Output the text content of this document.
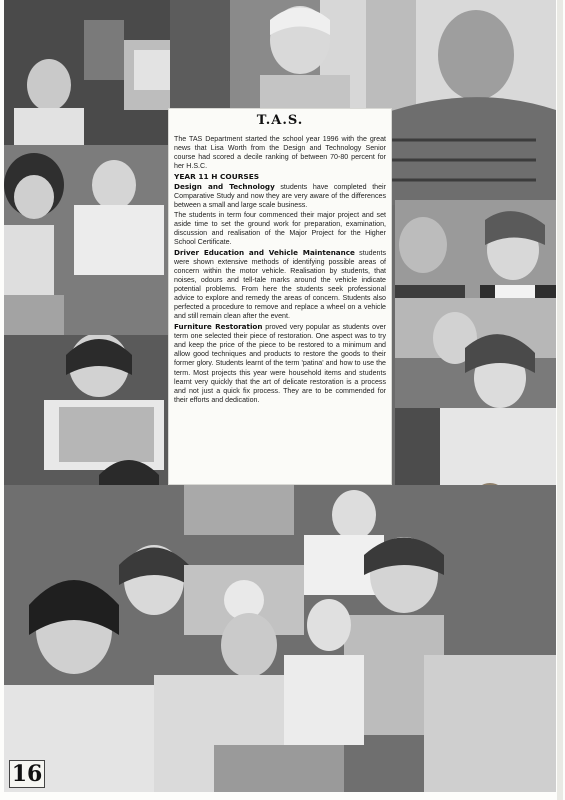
T.A.S.

The TAS Department started the school year 1996 with the great news that Lisa Worth from the Design and Technology Senior course had scored a decile ranking of between 70-80 percent for her H.S.C.

YEAR 11 H COURSES

Design and Technology students have completed their Comparative Study and now they are very aware of the differences between a small and large scale business.

The students in term four commenced their major project and set aside time to set the ground work for preparation, examination, discussion and realisation of the Major Project for the Higher School Certificate.

Driver Education and Vehicle Maintenance students were shown extensive methods of identifying possible areas of concern within the motor vehicle. Realisation by students, that noises, odours and tell-tale marks around the vehicle indicate potential problems. From here the students seek professional advice to explore and remedy the areas of concern. Students also perfected a procedure to remove and replace a wheel on a vehicle and still remain clean after the event.

Furniture Restoration proved very popular as students over term one selected their piece of restoration. One aspect was to try and keep the price of the piece to be restored to a minimum and allow good techniques and products to restore the goods to their former glory. Students learnt of the term 'patina' and how to use the term. Most projects this year were household items and students learnt very quickly that the art of delicate restoration is a process and not just a quick fix process. They are to be commended for their efforts and dedication.

16
